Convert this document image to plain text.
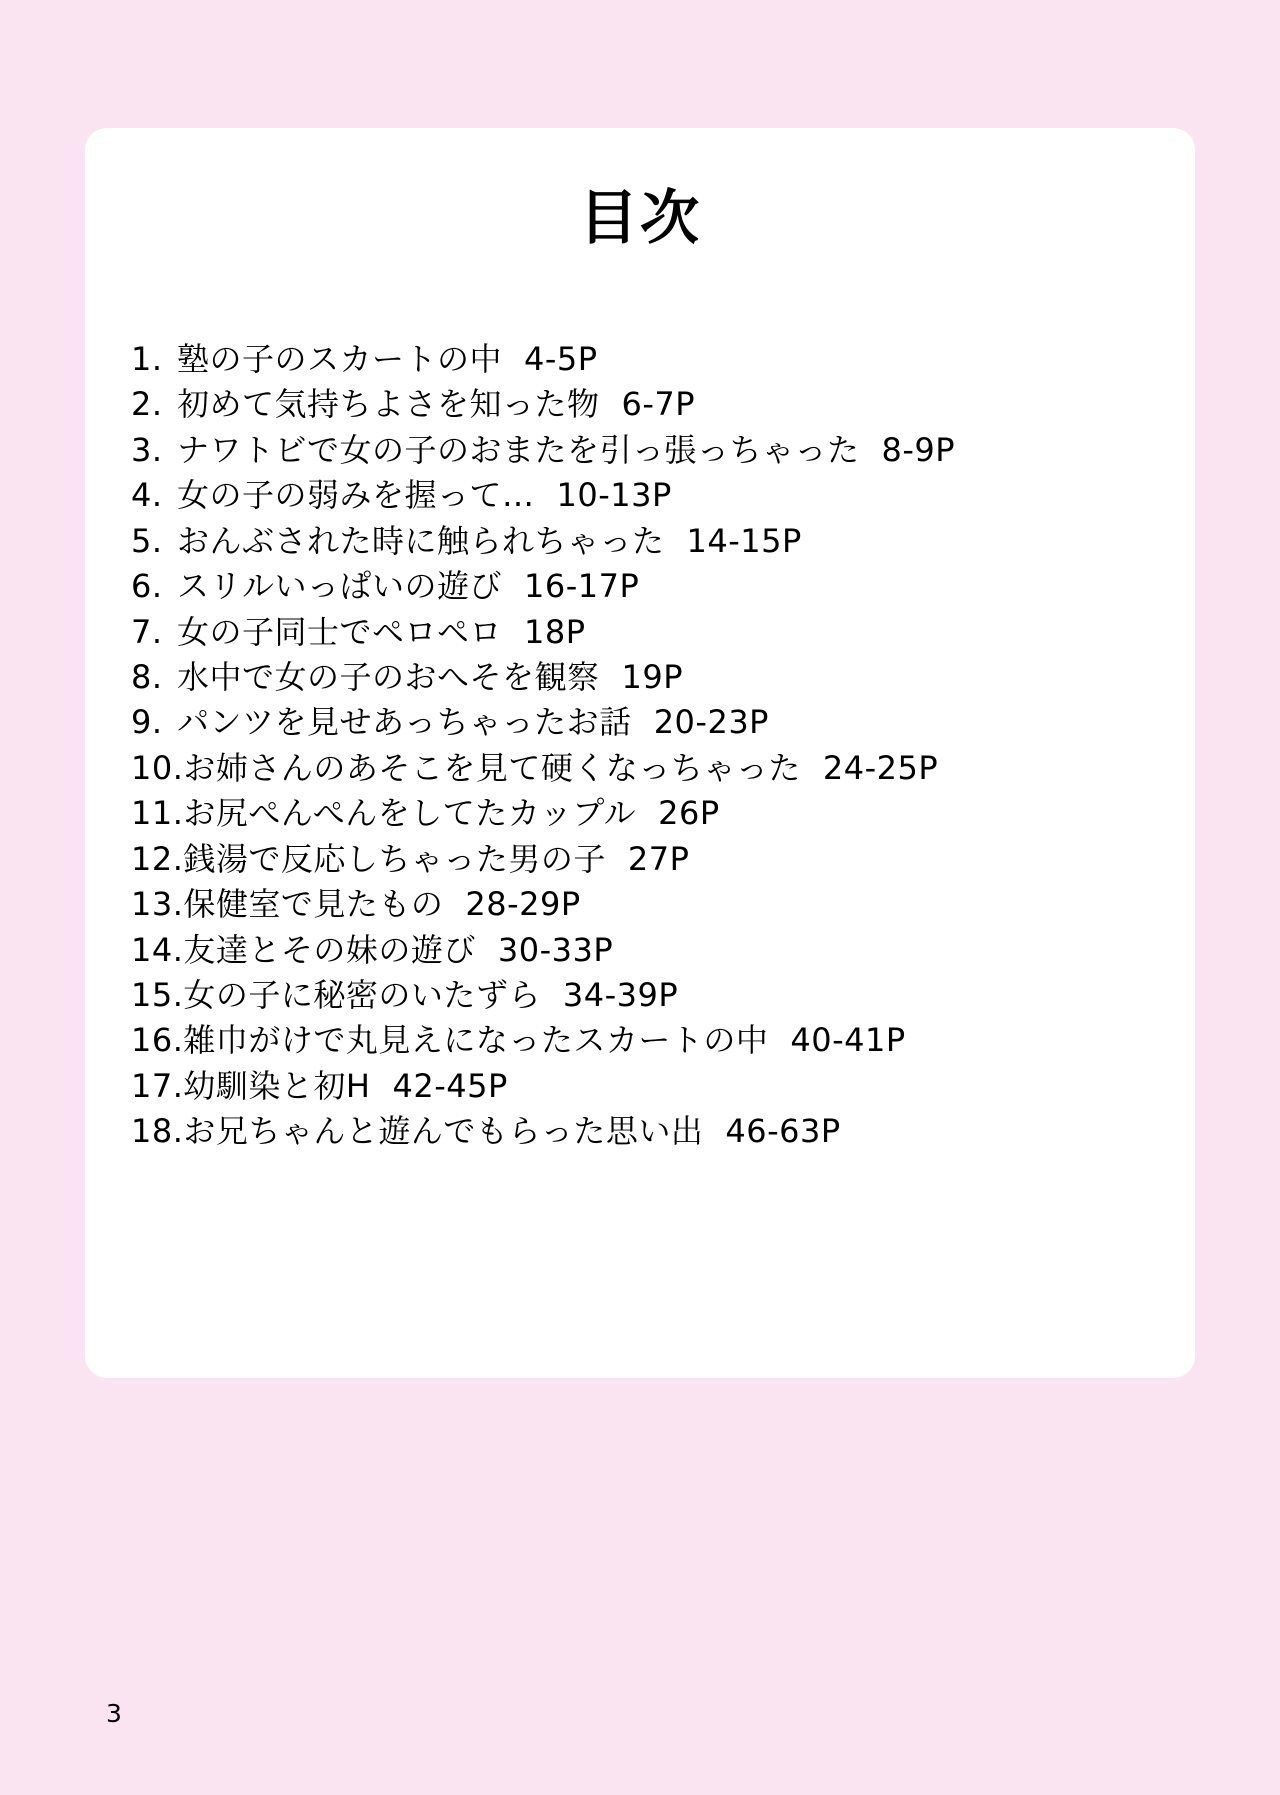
目次
1. 塾の子のスカートの中 4-5P
2. 初めて気持ちよさを知った物 6-7P
3. ナワトビで女の子のおまたを引っ張っちゃった 8-9P
4. 女の子の弱みを握って… 10-13P
5. おんぶされた時に触られちゃった 14-15P
6. スリルいっぱいの遊び 16-17P
7. 女の子同士でペロペロ 18P
8. 水中で女の子のおへそを観察 19P
9. パンツを見せあっちゃったお話 20-23P
10. お姉さんのあそこを見て硬くなっちゃった 24-25P
11. お尻ぺんぺんをしてたカップル 26P
12. 銭湯で反応しちゃった男の子 27P
13. 保健室で見たもの 28-29P
14. 友達とその妹の遊び 30-33P
15. 女の子に秘密のいたずら 34-39P
16. 雑巾がけで丸見えになったスカートの中 40-41P
17. 幼馴染と初H 42-45P
18. お兄ちゃんと遊んでもらった思い出 46-63P
3
